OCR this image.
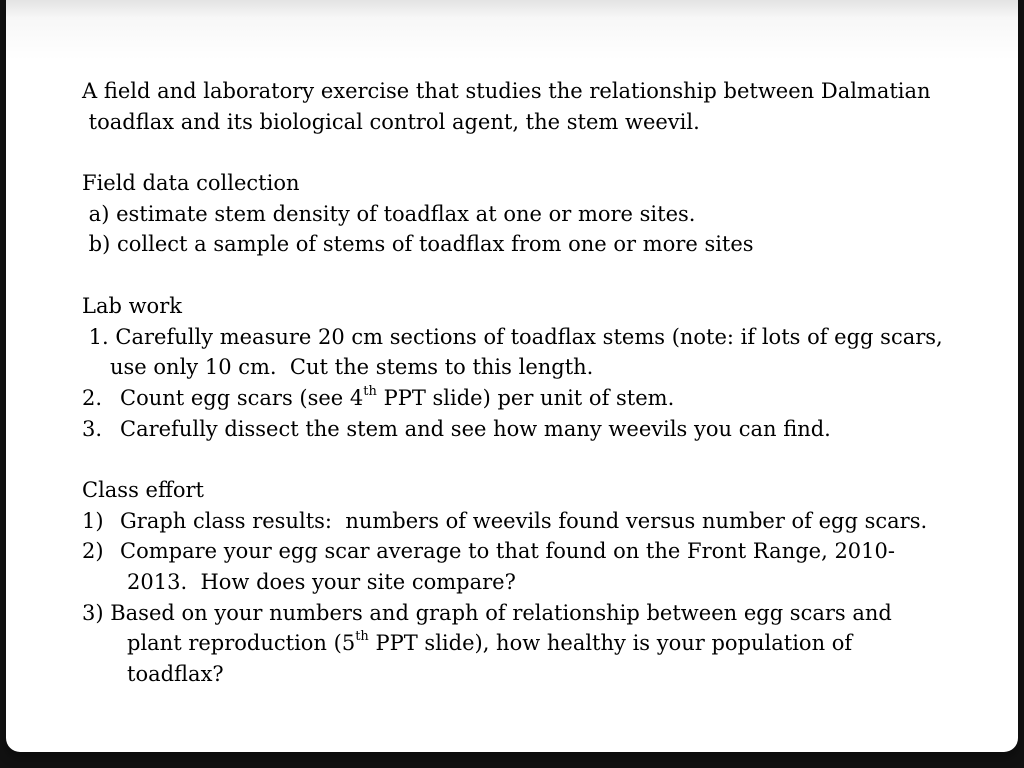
A field and laboratory exercise that studies the relationship between Dalmatian
toadflax and its biological control agent, the stem weevil.
Field data collection
a) estimate stem density of toadflax at one or more sites.
b) collect a sample of stems of toadflax from one or more sites
Lab work
1. Carefully measure 20 cm sections of toadflax stems (note: if lots of egg scars,
use only 10 cm.  Cut the stems to this length.
2. Count egg scars (see 4th PPT slide) per unit of stem.
3. Carefully dissect the stem and see how many weevils you can find.
Class effort
1) Graph class results:  numbers of weevils found versus number of egg scars.
2) Compare your egg scar average to that found on the Front Range, 2010-
2013.  How does your site compare?
3) Based on your numbers and graph of relationship between egg scars and
plant reproduction (5th PPT slide), how healthy is your population of
toadflax?
